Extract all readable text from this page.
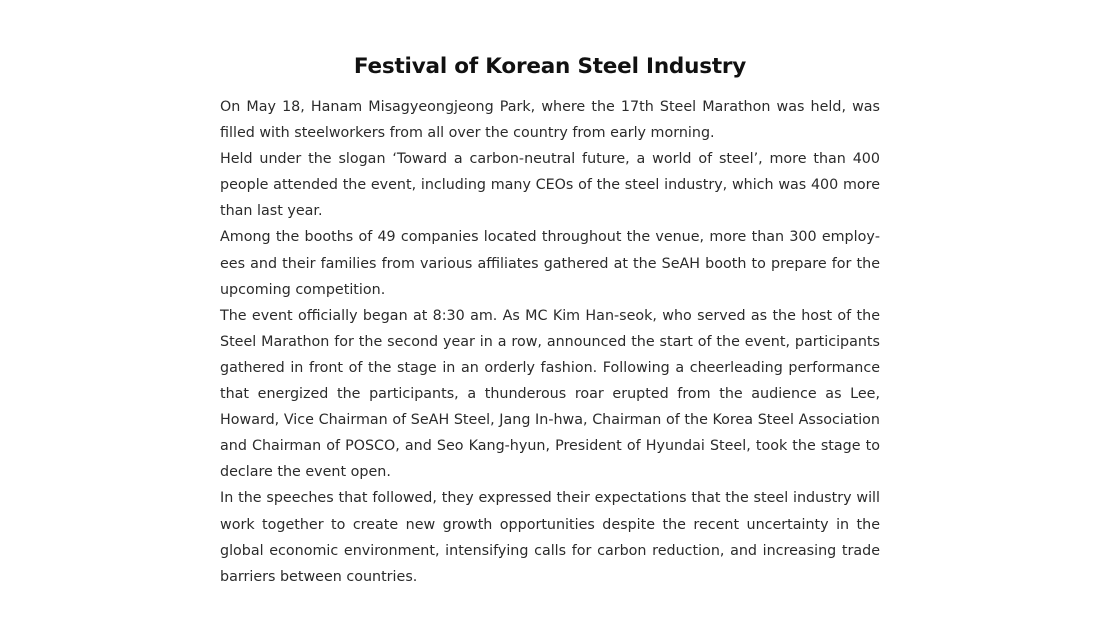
Festival of Korean Steel Industry

On May 18, Hanam Misagyeongjeong Park, where the 17th Steel Marathon was held, was filled with steelworkers from all over the country from early morning.

Held under the slogan ‘Toward a carbon-neutral future, a world of steel’, more than 400 people attended the event, including many CEOs of the steel industry, which was 400 more than last year.

Among the booths of 49 companies located throughout the venue, more than 300 employees and their families from various affiliates gathered at the SeAH booth to prepare for the upcoming competition.

The event officially began at 8:30 am. As MC Kim Han-seok, who served as the host of the Steel Marathon for the second year in a row, announced the start of the event, participants gathered in front of the stage in an orderly fashion. Following a cheerleading performance that energized the participants, a thunderous roar erupted from the audience as Lee, Howard, Vice Chairman of SeAH Steel, Jang In-hwa, Chairman of the Korea Steel Association and Chairman of POSCO, and Seo Kang-hyun, President of Hyundai Steel, took the stage to declare the event open.

In the speeches that followed, they expressed their expectations that the steel industry will work together to create new growth opportunities despite the recent uncertainty in the global economic environment, intensifying calls for carbon reduction, and increasing trade barriers between countries.
